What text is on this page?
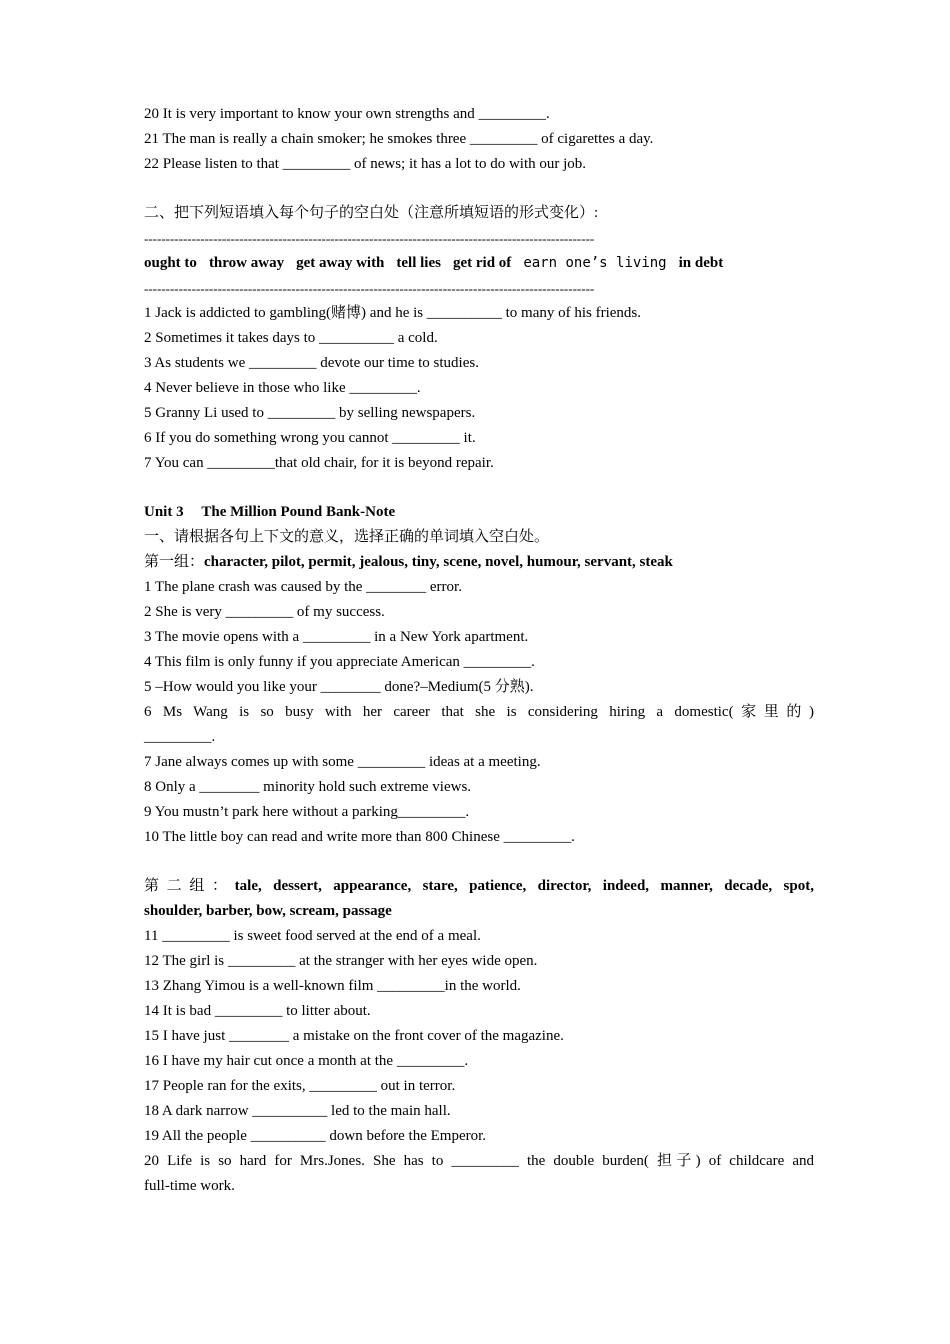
20 It is very important to know your own strengths and _________.
21 The man is really a chain smoker; he smokes three _________ of cigarettes a day.
22 Please listen to that _________ of news; it has a lot to do with our job.
二、把下列短语填入每个句子的空白处（注意所填短语的形式变化）:
--------------------------------------------------------------------------------------------------------
ought to throw away get away with tell lies get rid of earn one’s living in debt
--------------------------------------------------------------------------------------------------------
1 Jack is addicted to gambling(赌博) and he is __________ to many of his friends.
2 Sometimes it takes days to __________ a cold.
3 As students we _________ devote our time to studies.
4 Never believe in those who like _________.
5 Granny Li used to _________ by selling newspapers.
6 If you do something wrong you cannot _________ it.
7 You can _________that old chair, for it is beyond repair.
Unit 3 The Million Pound Bank-Note
一、请根据各句上下文的意义，选择正确的单词填入空白处。
第一组：character, pilot, permit, jealous, tiny, scene, novel, humour, servant, steak
1 The plane crash was caused by the ________ error.
2 She is very _________ of my success.
3 The movie opens with a _________ in a New York apartment.
4 This film is only funny if you appreciate American _________.
5 –How would you like your ________ done?–Medium(5 分熟).
6 Ms Wang is so busy with her career that she is considering hiring a domestic(家里的)
_________.
7 Jane always comes up with some _________ ideas at a meeting.
8 Only a ________ minority hold such extreme views.
9 You mustn’t park here without a parking_________.
10 The little boy can read and write more than 800 Chinese _________.
第二组：tale, dessert, appearance, stare, patience, director, indeed, manner, decade, spot,
shoulder, barber, bow, scream, passage
11 _________ is sweet food served at the end of a meal.
12 The girl is _________ at the stranger with her eyes wide open.
13 Zhang Yimou is a well-known film _________in the world.
14 It is bad _________ to litter about.
15 I have just ________ a mistake on the front cover of the magazine.
16 I have my hair cut once a month at the _________.
17 People ran for the exits, _________ out in terror.
18 A dark narrow __________ led to the main hall.
19 All the people __________ down before the Emperor.
20 Life is so hard for Mrs.Jones. She has to _________ the double burden( 担子) of childcare and
full-time work.
